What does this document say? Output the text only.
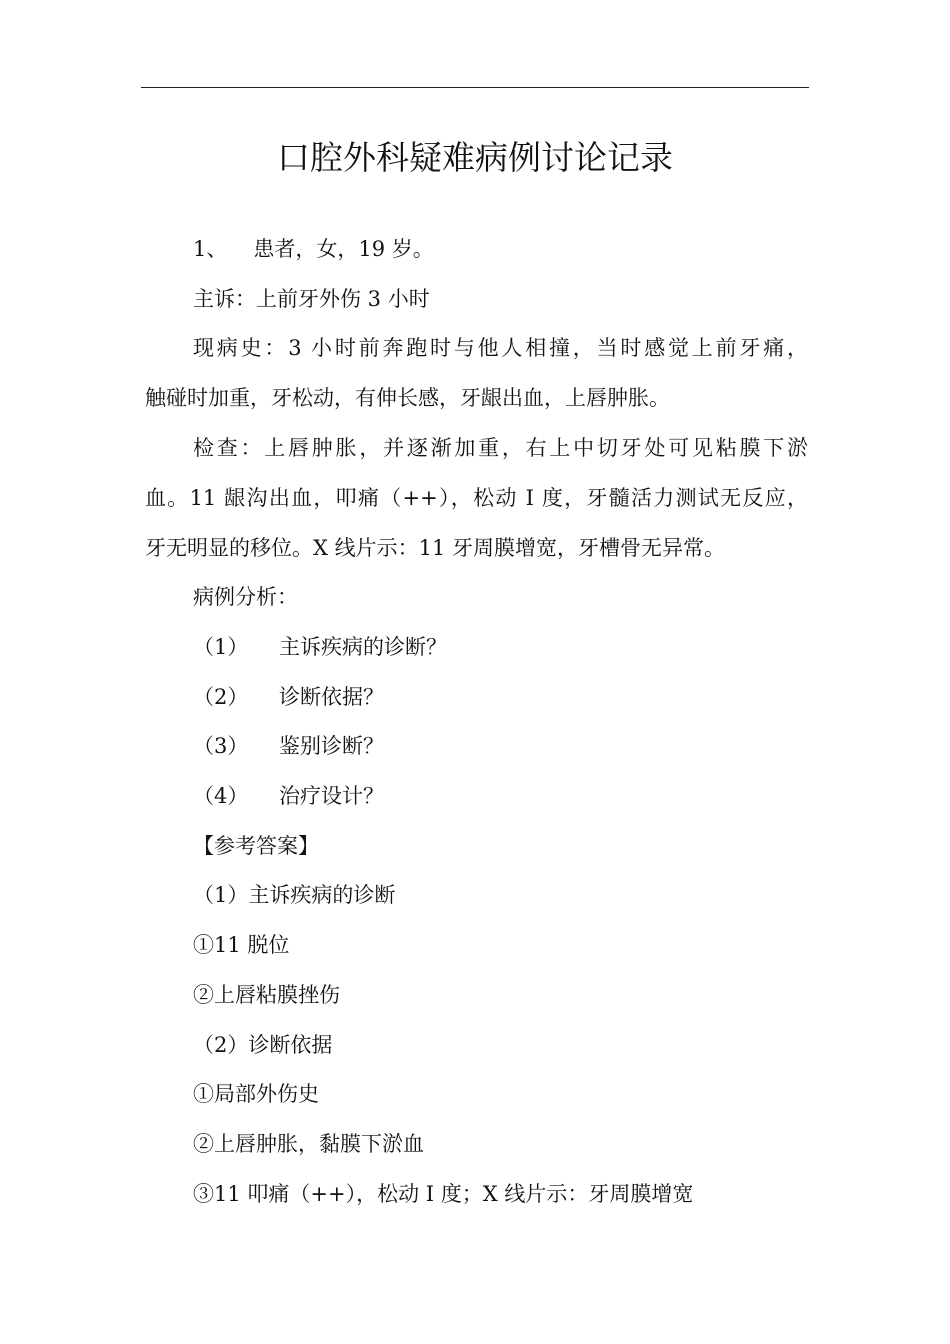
口腔外科疑难病例讨论记录
1、 患者，女，19 岁。
主诉：上前牙外伤 3 小时
现病史：3 小时前奔跑时与他人相撞，当时感觉上前牙痛，
触碰时加重，牙松动，有伸长感，牙龈出血，上唇肿胀。
检查：上唇肿胀，并逐渐加重，右上中切牙处可见粘膜下淤
血。11 龈沟出血，叩痛（++），松动 I 度，牙髓活力测试无反应，
牙无明显的移位。X 线片示：11 牙周膜增宽，牙槽骨无异常。
病例分析：
（1） 主诉疾病的诊断？
（2） 诊断依据？
（3） 鉴别诊断？
（4） 治疗设计？
【参考答案】
（1）主诉疾病的诊断
①11 脱位
②上唇粘膜挫伤
（2）诊断依据
①局部外伤史
②上唇肿胀，黏膜下淤血
③11 叩痛（++），松动 I 度；X 线片示：牙周膜增宽
